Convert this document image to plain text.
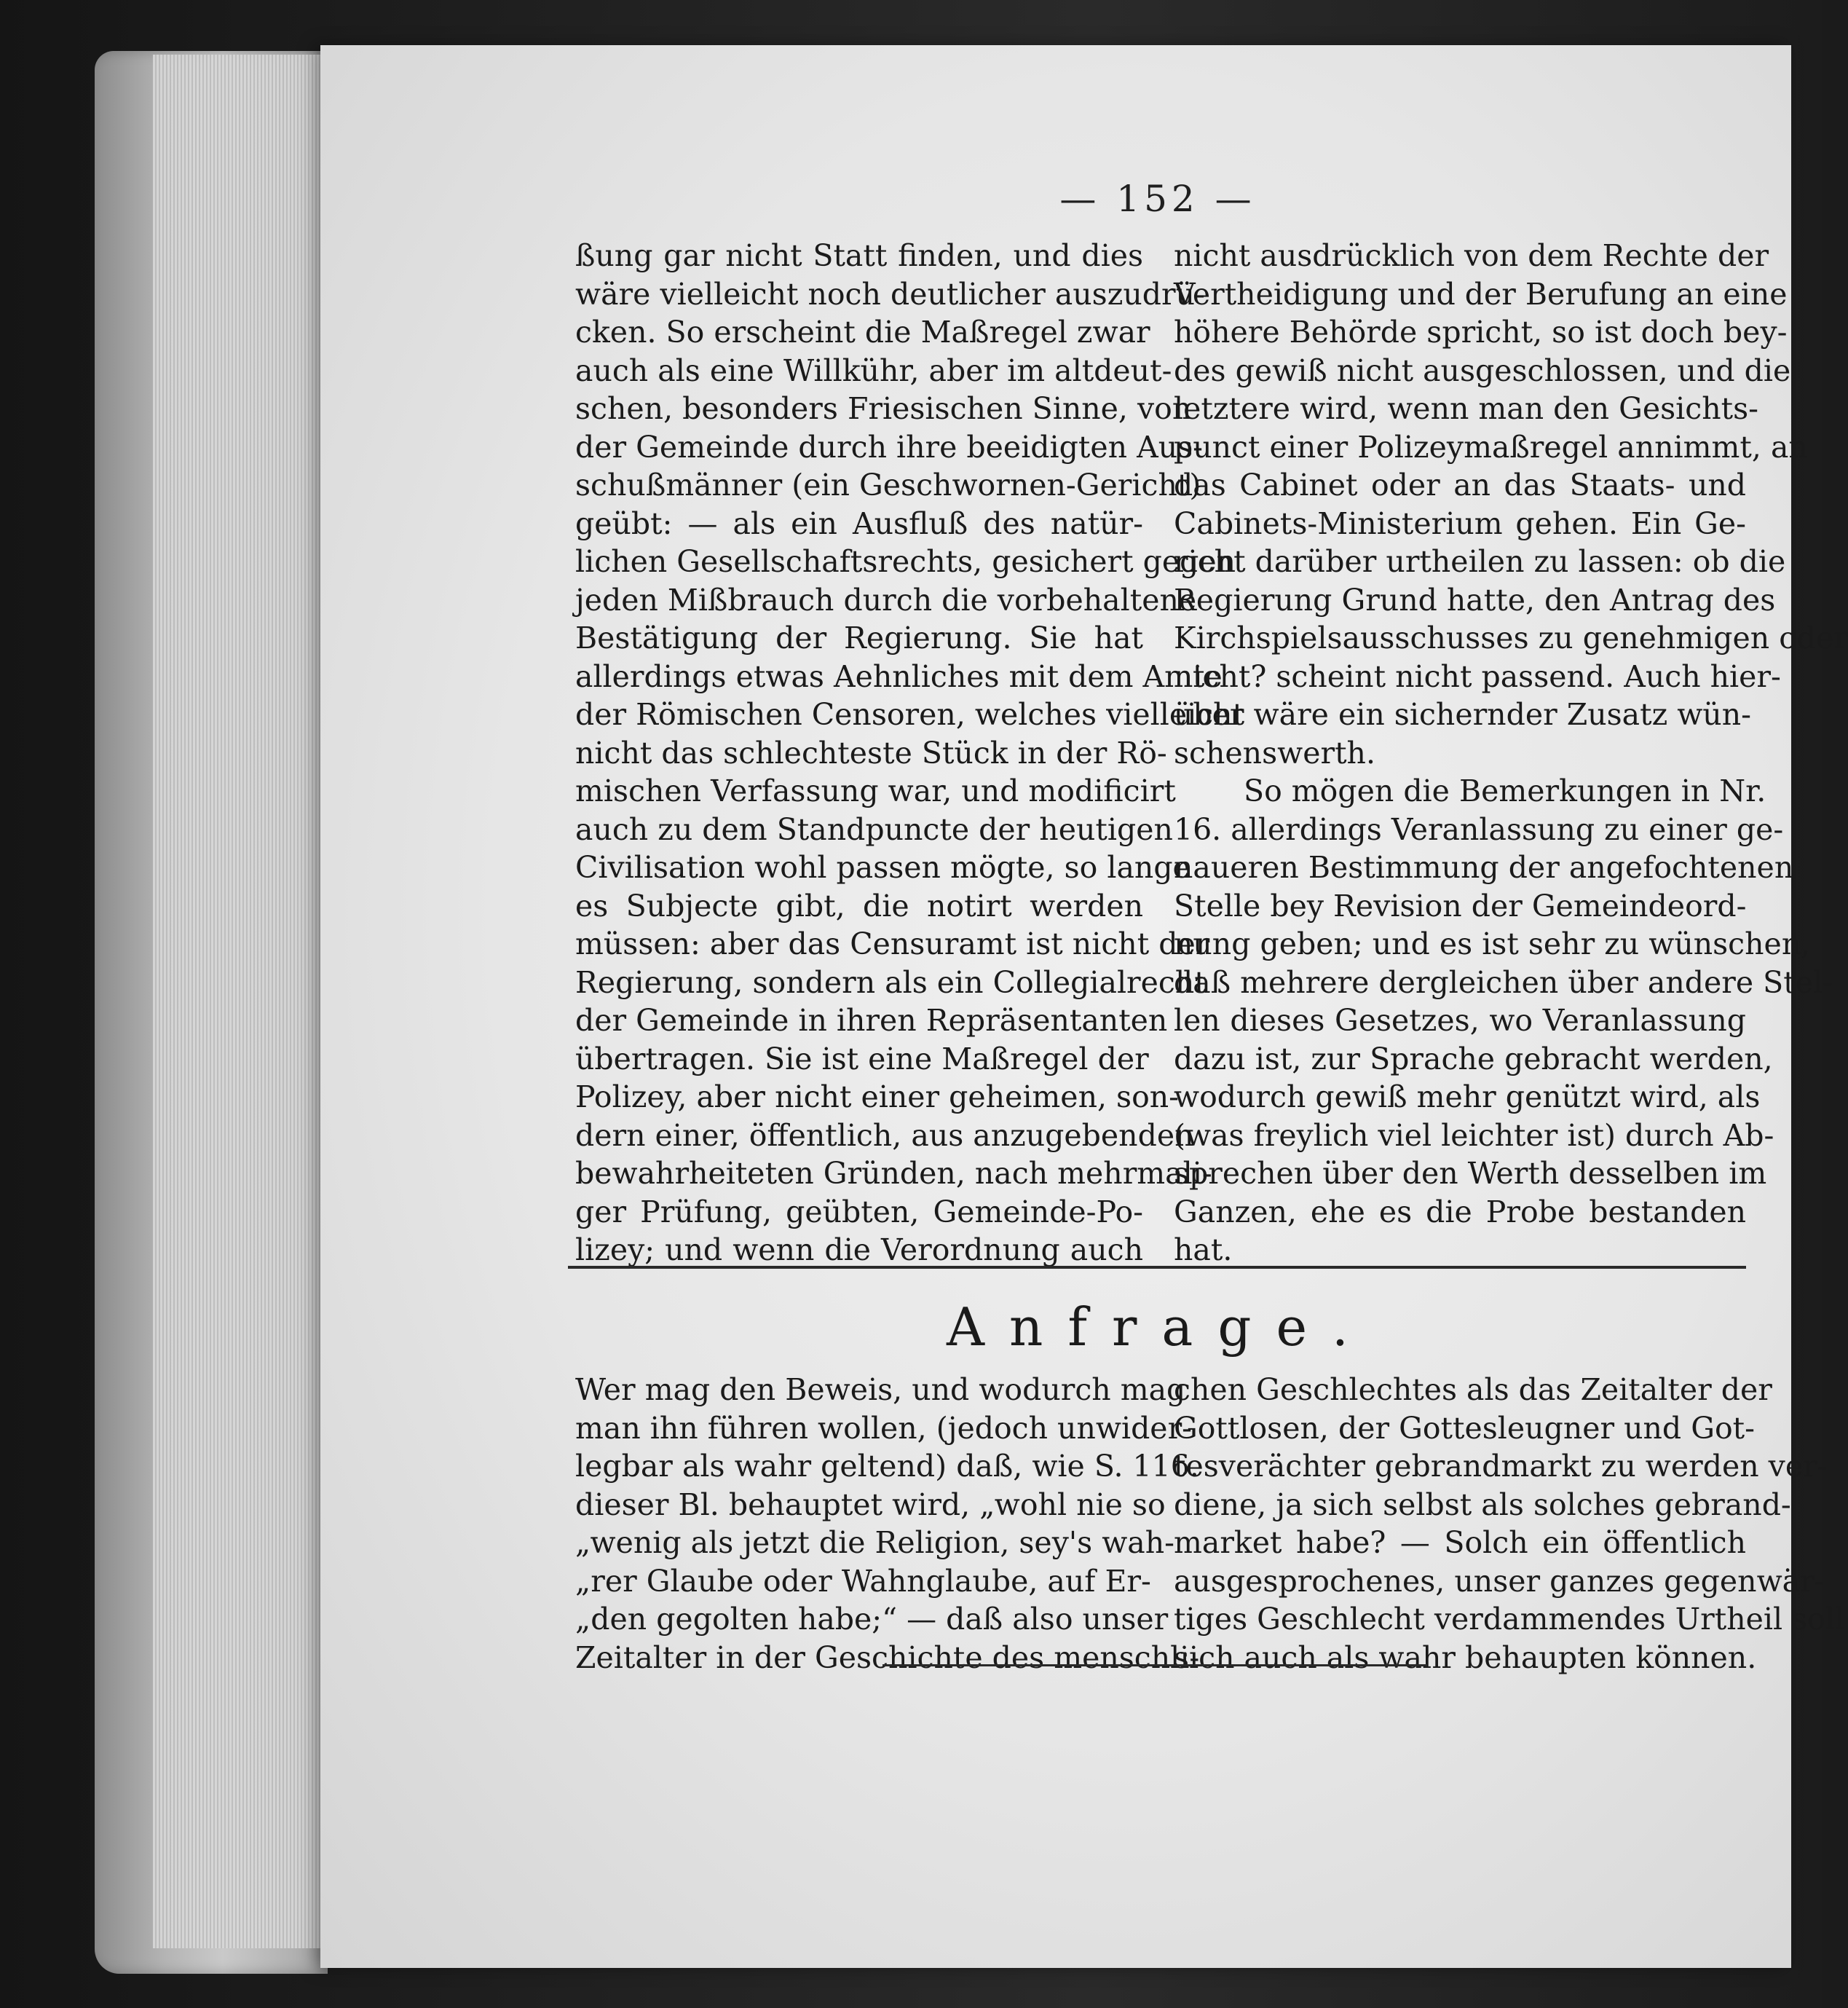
— 152 —
ßung gar nicht Statt finden, und dies
wäre vielleicht noch deutlicher auszudrü-
cken. So erscheint die Maßregel zwar
auch als eine Willkühr, aber im altdeut-
schen, besonders Friesischen Sinne, von
der Gemeinde durch ihre beeidigten Aus-
schußmänner (ein Geschwornen-Gericht)
geübt: — als ein Ausfluß des natür-
lichen Gesellschaftsrechts, gesichert gegen
jeden Mißbrauch durch die vorbehaltene
Bestätigung der Regierung. Sie hat
allerdings etwas Aehnliches mit dem Amte
der Römischen Censoren, welches vielleicht
nicht das schlechteste Stück in der Rö-
mischen Verfassung war, und modificirt
auch zu dem Standpuncte der heutigen
Civilisation wohl passen mögte, so lange
es Subjecte gibt, die notirt werden
müssen: aber das Censuramt ist nicht der
Regierung, sondern als ein Collegialrecht
der Gemeinde in ihren Repräsentanten
übertragen. Sie ist eine Maßregel der
Polizey, aber nicht einer geheimen, son-
dern einer, öffentlich, aus anzugebenden
bewahrheiteten Gründen, nach mehrmali-
ger Prüfung, geübten, Gemeinde-Po-
lizey; und wenn die Verordnung auch
nicht ausdrücklich von dem Rechte der
Vertheidigung und der Berufung an eine
höhere Behörde spricht, so ist doch bey-
des gewiß nicht ausgeschlossen, und die
letztere wird, wenn man den Gesichts-
punct einer Polizeymaßregel annimmt, an
das Cabinet oder an das Staats- und
Cabinets-Ministerium gehen. Ein Ge-
richt darüber urtheilen zu lassen: ob die
Regierung Grund hatte, den Antrag des
Kirchspielsausschusses zu genehmigen oder
nicht? scheint nicht passend. Auch hier-
über wäre ein sichernder Zusatz wün-
schenswerth.
So mögen die Bemerkungen in Nr.
16. allerdings Veranlassung zu einer ge-
naueren Bestimmung der angefochtenen
Stelle bey Revision der Gemeindeord-
nung geben; und es ist sehr zu wünschen,
daß mehrere dergleichen über andere Stel-
len dieses Gesetzes, wo Veranlassung
dazu ist, zur Sprache gebracht werden,
wodurch gewiß mehr genützt wird, als
(was freylich viel leichter ist) durch Ab-
sprechen über den Werth desselben im
Ganzen, ehe es die Probe bestanden
hat.
Anfrage.
Wer mag den Beweis, und wodurch mag
man ihn führen wollen, (jedoch unwider-
legbar als wahr geltend) daß, wie S. 116.
dieser Bl. behauptet wird, „wohl nie so
„wenig als jetzt die Religion, sey's wah-
„rer Glaube oder Wahnglaube, auf Er-
„den gegolten habe;“ — daß also unser
Zeitalter in der Geschichte des menschli-
chen Geschlechtes als das Zeitalter der
Gottlosen, der Gottesleugner und Got-
tesverächter gebrandmarkt zu werden ver-
diene, ja sich selbst als solches gebrand-
market habe? — Solch ein öffentlich
ausgesprochenes, unser ganzes gegenwär-
tiges Geschlecht verdammendes Urtheil soll
sich auch als wahr behaupten können.
